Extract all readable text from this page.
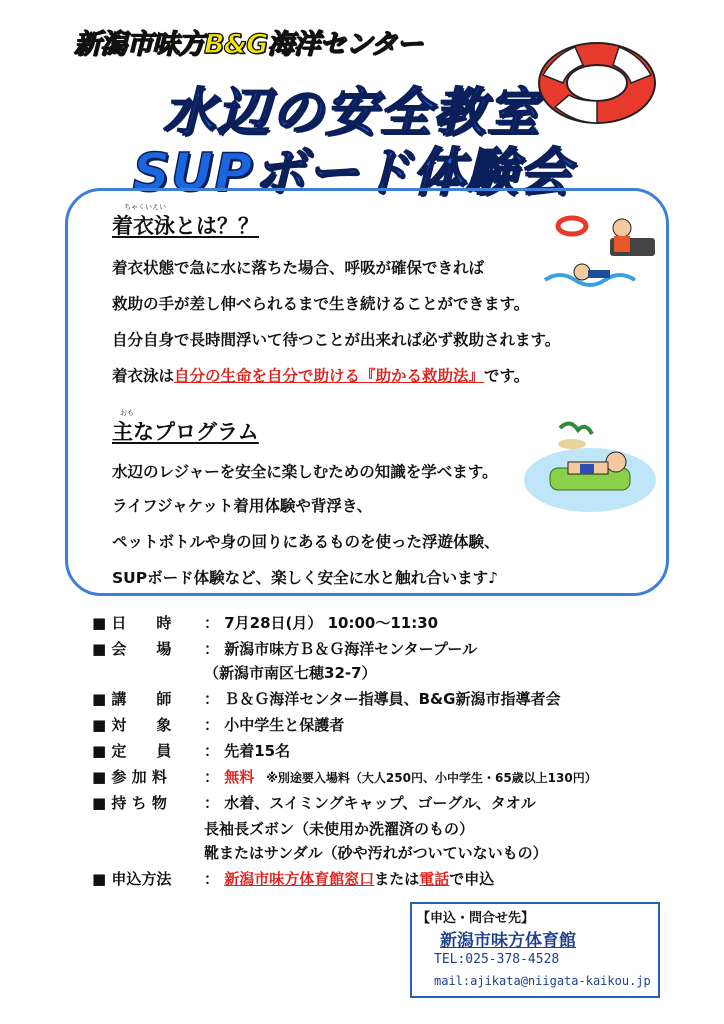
新潟市味方B&G海洋センター
水辺の安全教室
SUPボード体験会
ちゃくいえい
着衣泳とは？？
着衣状態で急に水に落ちた場合、呼吸が確保できれば
救助の手が差し伸べられるまで生き続けることができます。
自分自身で長時間浮いて待つことが出来れば必ず救助されます。
着衣泳は自分の生命を自分で助ける『助かる救助法』です。
おも
主なプログラム
水辺のレジャーを安全に楽しむための知識を学べます。
ライフジャケット着用体験や背浮き、
ペットボトルや身の回りにあるものを使った浮遊体験、
SUPボード体験など、楽しく安全に水と触れ合います♪
■ 日　　時 ： 7月28日(月） 10:00～11:30
■ 会　　場 ： 新潟市味方Ｂ＆Ｇ海洋センタープール
（新潟市南区七穂32-7）
■ 講　　師 ： Ｂ＆Ｇ海洋センター指導員、B&G新潟市指導者会
■ 対　　象 ： 小中学生と保護者
■ 定　　員 ： 先着15名
■ 参 加 料 ： 無料　※別途要入場料（大人250円、小中学生・65歳以上130円）
■ 持 ち 物 ： 水着、スイミングキャップ、ゴーグル、タオル
長袖長ズボン（未使用か洗濯済のもの）
靴またはサンダル（砂や汚れがついていないもの）
■ 申込方法 ： 新潟市味方体育館窓口または電話で申込
【申込・問合せ先】
新潟市味方体育館
TEL:025-378-4528
mail:ajikata@niigata-kaikou.jp
